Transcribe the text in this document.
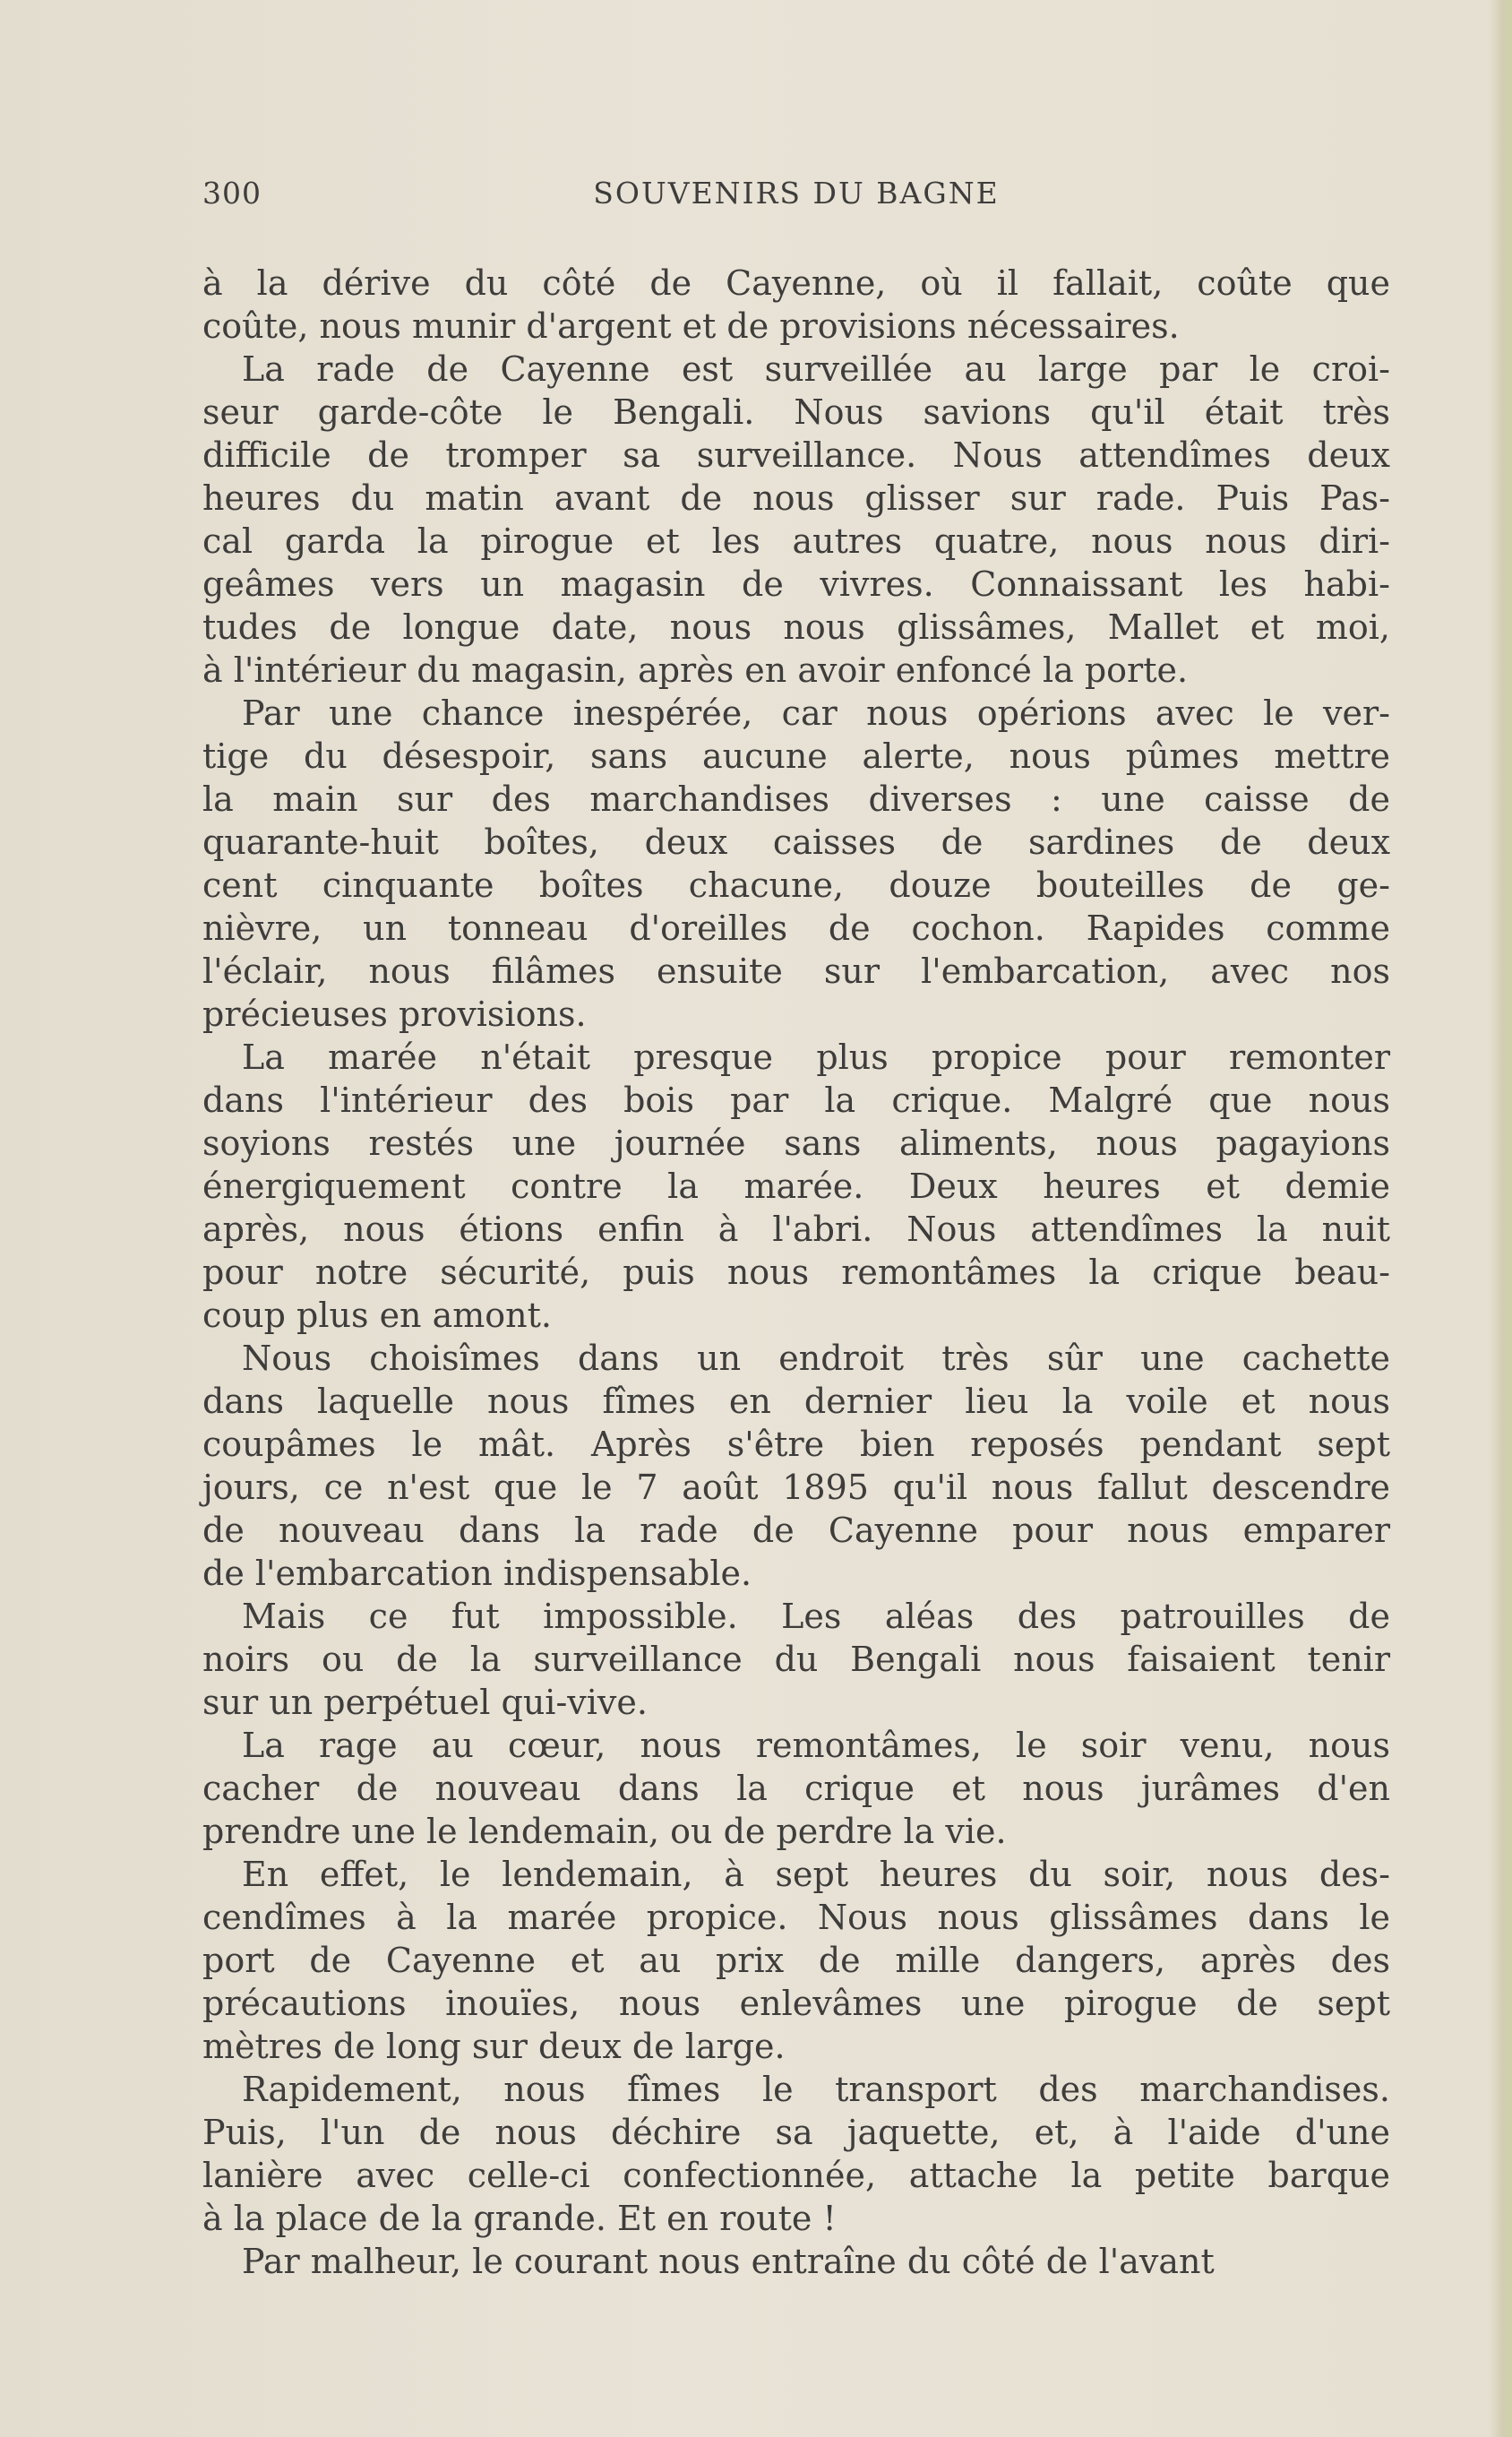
300	SOUVENIRS DU BAGNE
à la dérive du côté de Cayenne, où il fallait, coûte que
coûte, nous munir d'argent et de provisions nécessaires.
La rade de Cayenne est surveillée au large par le croi-
seur garde-côte le Bengali. Nous savions qu'il était très
difficile de tromper sa surveillance. Nous attendîmes deux
heures du matin avant de nous glisser sur rade. Puis Pas-
cal garda la pirogue et les autres quatre, nous nous diri-
geâmes vers un magasin de vivres. Connaissant les habi-
tudes de longue date, nous nous glissâmes, Mallet et moi,
à l'intérieur du magasin, après en avoir enfoncé la porte.
Par une chance inespérée, car nous opérions avec le ver-
tige du désespoir, sans aucune alerte, nous pûmes mettre
la main sur des marchandises diverses : une caisse de
quarante-huit boîtes, deux caisses de sardines de deux
cent cinquante boîtes chacune, douze bouteilles de ge-
nièvre, un tonneau d'oreilles de cochon. Rapides comme
l'éclair, nous filâmes ensuite sur l'embarcation, avec nos
précieuses provisions.
La marée n'était presque plus propice pour remonter
dans l'intérieur des bois par la crique. Malgré que nous
soyions restés une journée sans aliments, nous pagayions
énergiquement contre la marée. Deux heures et demie
après, nous étions enfin à l'abri. Nous attendîmes la nuit
pour notre sécurité, puis nous remontâmes la crique beau-
coup plus en amont.
Nous choisîmes dans un endroit très sûr une cachette
dans laquelle nous fîmes en dernier lieu la voile et nous
coupâmes le mât. Après s'être bien reposés pendant sept
jours, ce n'est que le 7 août 1895 qu'il nous fallut descendre
de nouveau dans la rade de Cayenne pour nous emparer
de l'embarcation indispensable.
Mais ce fut impossible. Les aléas des patrouilles de
noirs ou de la surveillance du Bengali nous faisaient tenir
sur un perpétuel qui-vive.
La rage au cœur, nous remontâmes, le soir venu, nous
cacher de nouveau dans la crique et nous jurâmes d'en
prendre une le lendemain, ou de perdre la vie.
En effet, le lendemain, à sept heures du soir, nous des-
cendîmes à la marée propice. Nous nous glissâmes dans le
port de Cayenne et au prix de mille dangers, après des
précautions inouïes, nous enlevâmes une pirogue de sept
mètres de long sur deux de large.
Rapidement, nous fîmes le transport des marchandises.
Puis, l'un de nous déchire sa jaquette, et, à l'aide d'une
lanière avec celle-ci confectionnée, attache la petite barque
à la place de la grande. Et en route !
Par malheur, le courant nous entraîne du côté de l'avant
